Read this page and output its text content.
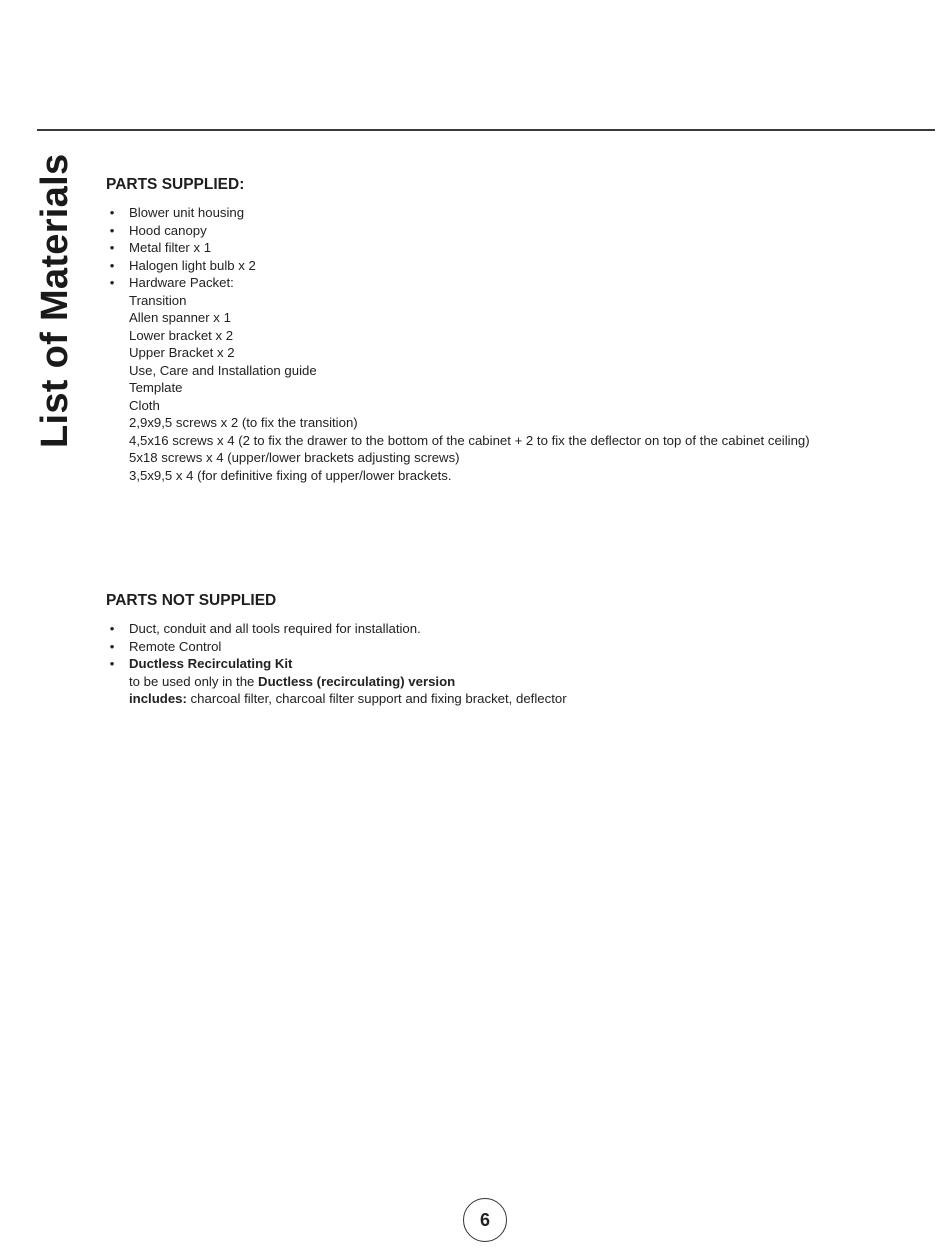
List of Materials PARTS SUPPLIED:
• Blower unit housing
• Hood canopy
• Metal filter x 1
• Halogen light bulb x 2
• Hardware Packet:
Transition
Allen spanner x 1
Lower bracket x 2
Upper Bracket x 2
Use, Care and Installation guide
Template
Cloth
2,9x9,5 screws x 2 (to fix the transition)
4,5x16 screws x 4 (2 to fix the drawer to the bottom of the cabinet + 2 to fix the deflector on top of the cabinet ceiling)
5x18 screws x 4 (upper/lower brackets adjusting screws)
3,5x9,5 x 4 (for definitive fixing of upper/lower brackets.
PARTS NOT SUPPLIED
• Duct, conduit and all tools required for installation.
• Remote Control
• Ductless Recirculating Kit
to be used only in the Ductless (recirculating) version
includes: charcoal filter, charcoal filter support and fixing bracket, deflector
6
